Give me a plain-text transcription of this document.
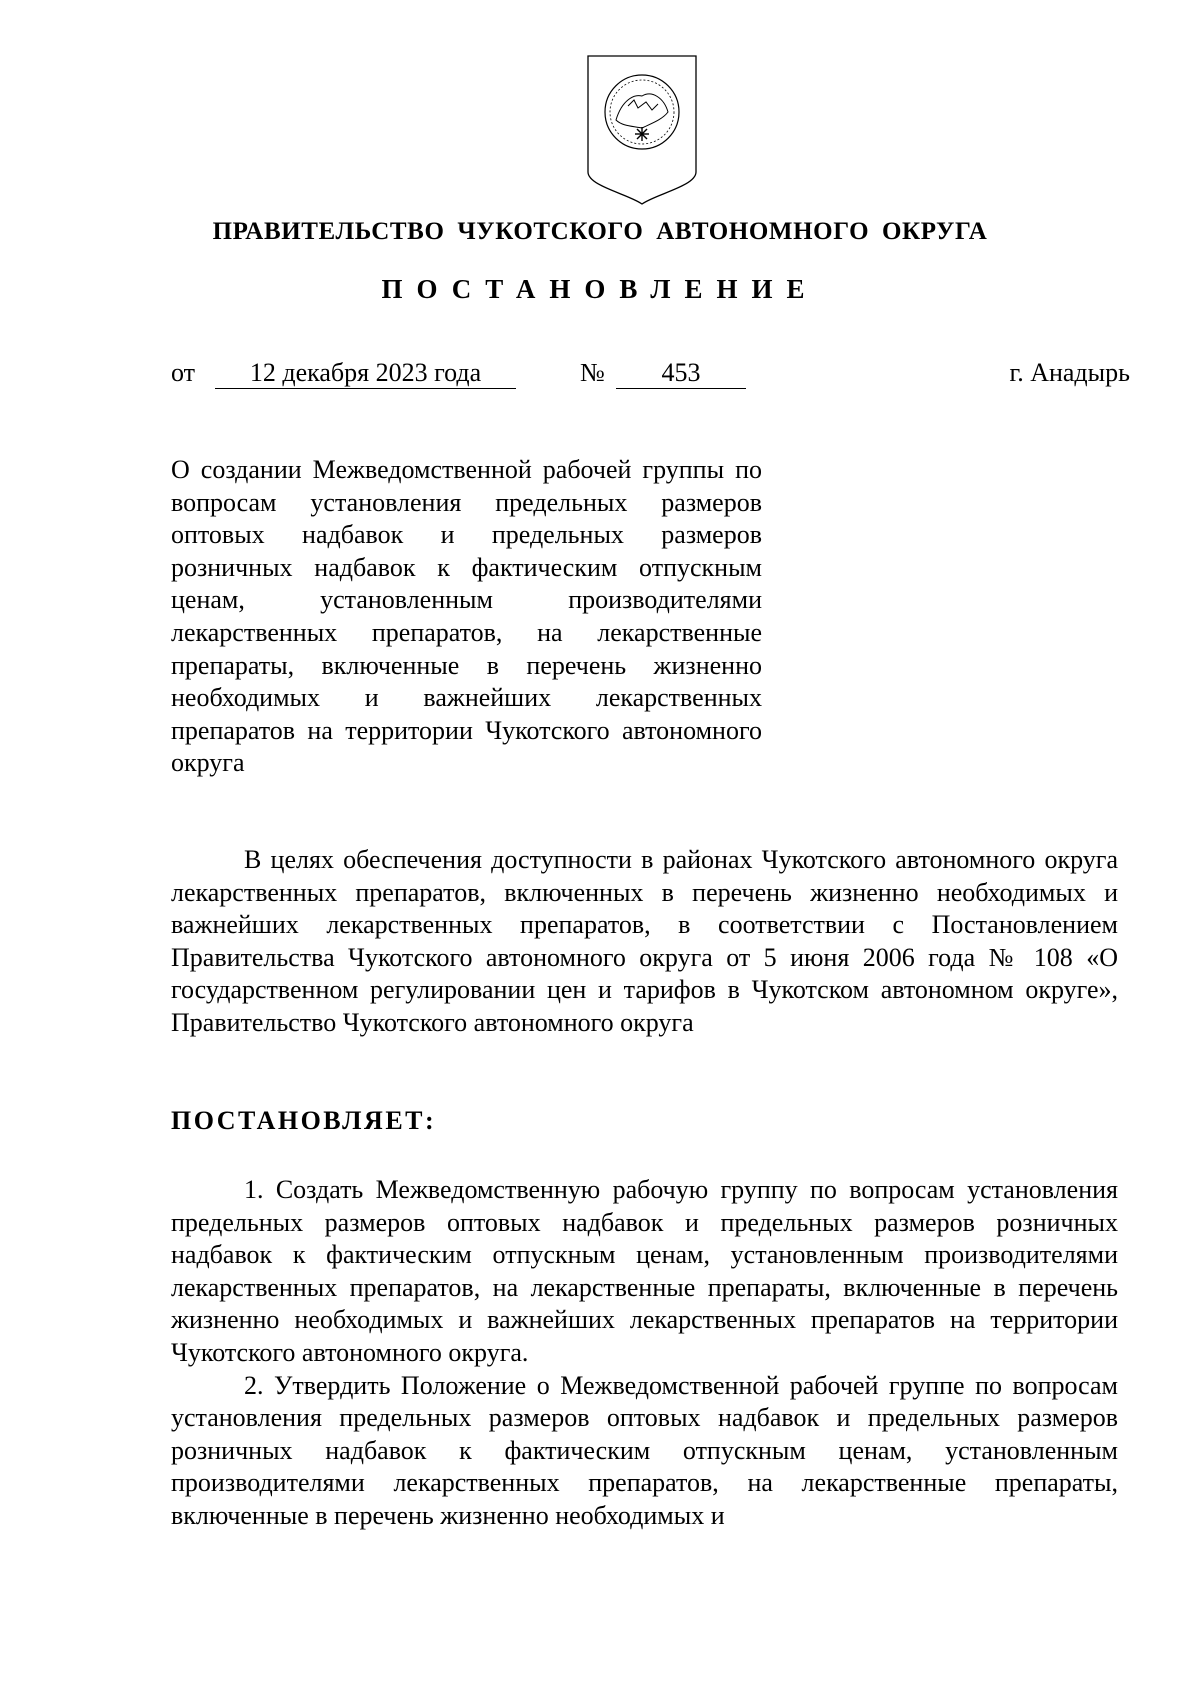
ПРАВИТЕЛЬСТВО ЧУКОТСКОГО АВТОНОМНОГО ОКРУГА
ПОСТАНОВЛЕНИЕ
от	12 декабря 2023 года	№	453	г. Анадырь

О создании Межведомственной рабочей группы по вопросам установления предельных размеров оптовых надбавок и предельных размеров розничных надбавок к фактическим отпускным ценам, установленным производителями лекарственных препаратов, на лекарственные препараты, включенные в перечень жизненно необходимых и важнейших лекарственных препаратов на территории Чукотского автономного округа

В целях обеспечения доступности в районах Чукотского автономного округа лекарственных препаратов, включенных в перечень жизненно необходимых и важнейших лекарственных препаратов, в соответствии с Постановлением Правительства Чукотского автономного округа от 5 июня 2006 года № 108 «О государственном регулировании цен и тарифов в Чукотском автономном округе», Правительство Чукотского автономного округа

ПОСТАНОВЛЯЕТ:

1. Создать Межведомственную рабочую группу по вопросам установления предельных размеров оптовых надбавок и предельных размеров розничных надбавок к фактическим отпускным ценам, установленным производителями лекарственных препаратов, на лекарственные препараты, включенные в перечень жизненно необходимых и важнейших лекарственных препаратов на территории Чукотского автономного округа.

2. Утвердить Положение о Межведомственной рабочей группе по вопросам установления предельных размеров оптовых надбавок и предельных размеров розничных надбавок к фактическим отпускным ценам, установленным производителями лекарственных препаратов, на лекарственные препараты, включенные в перечень жизненно необходимых и
